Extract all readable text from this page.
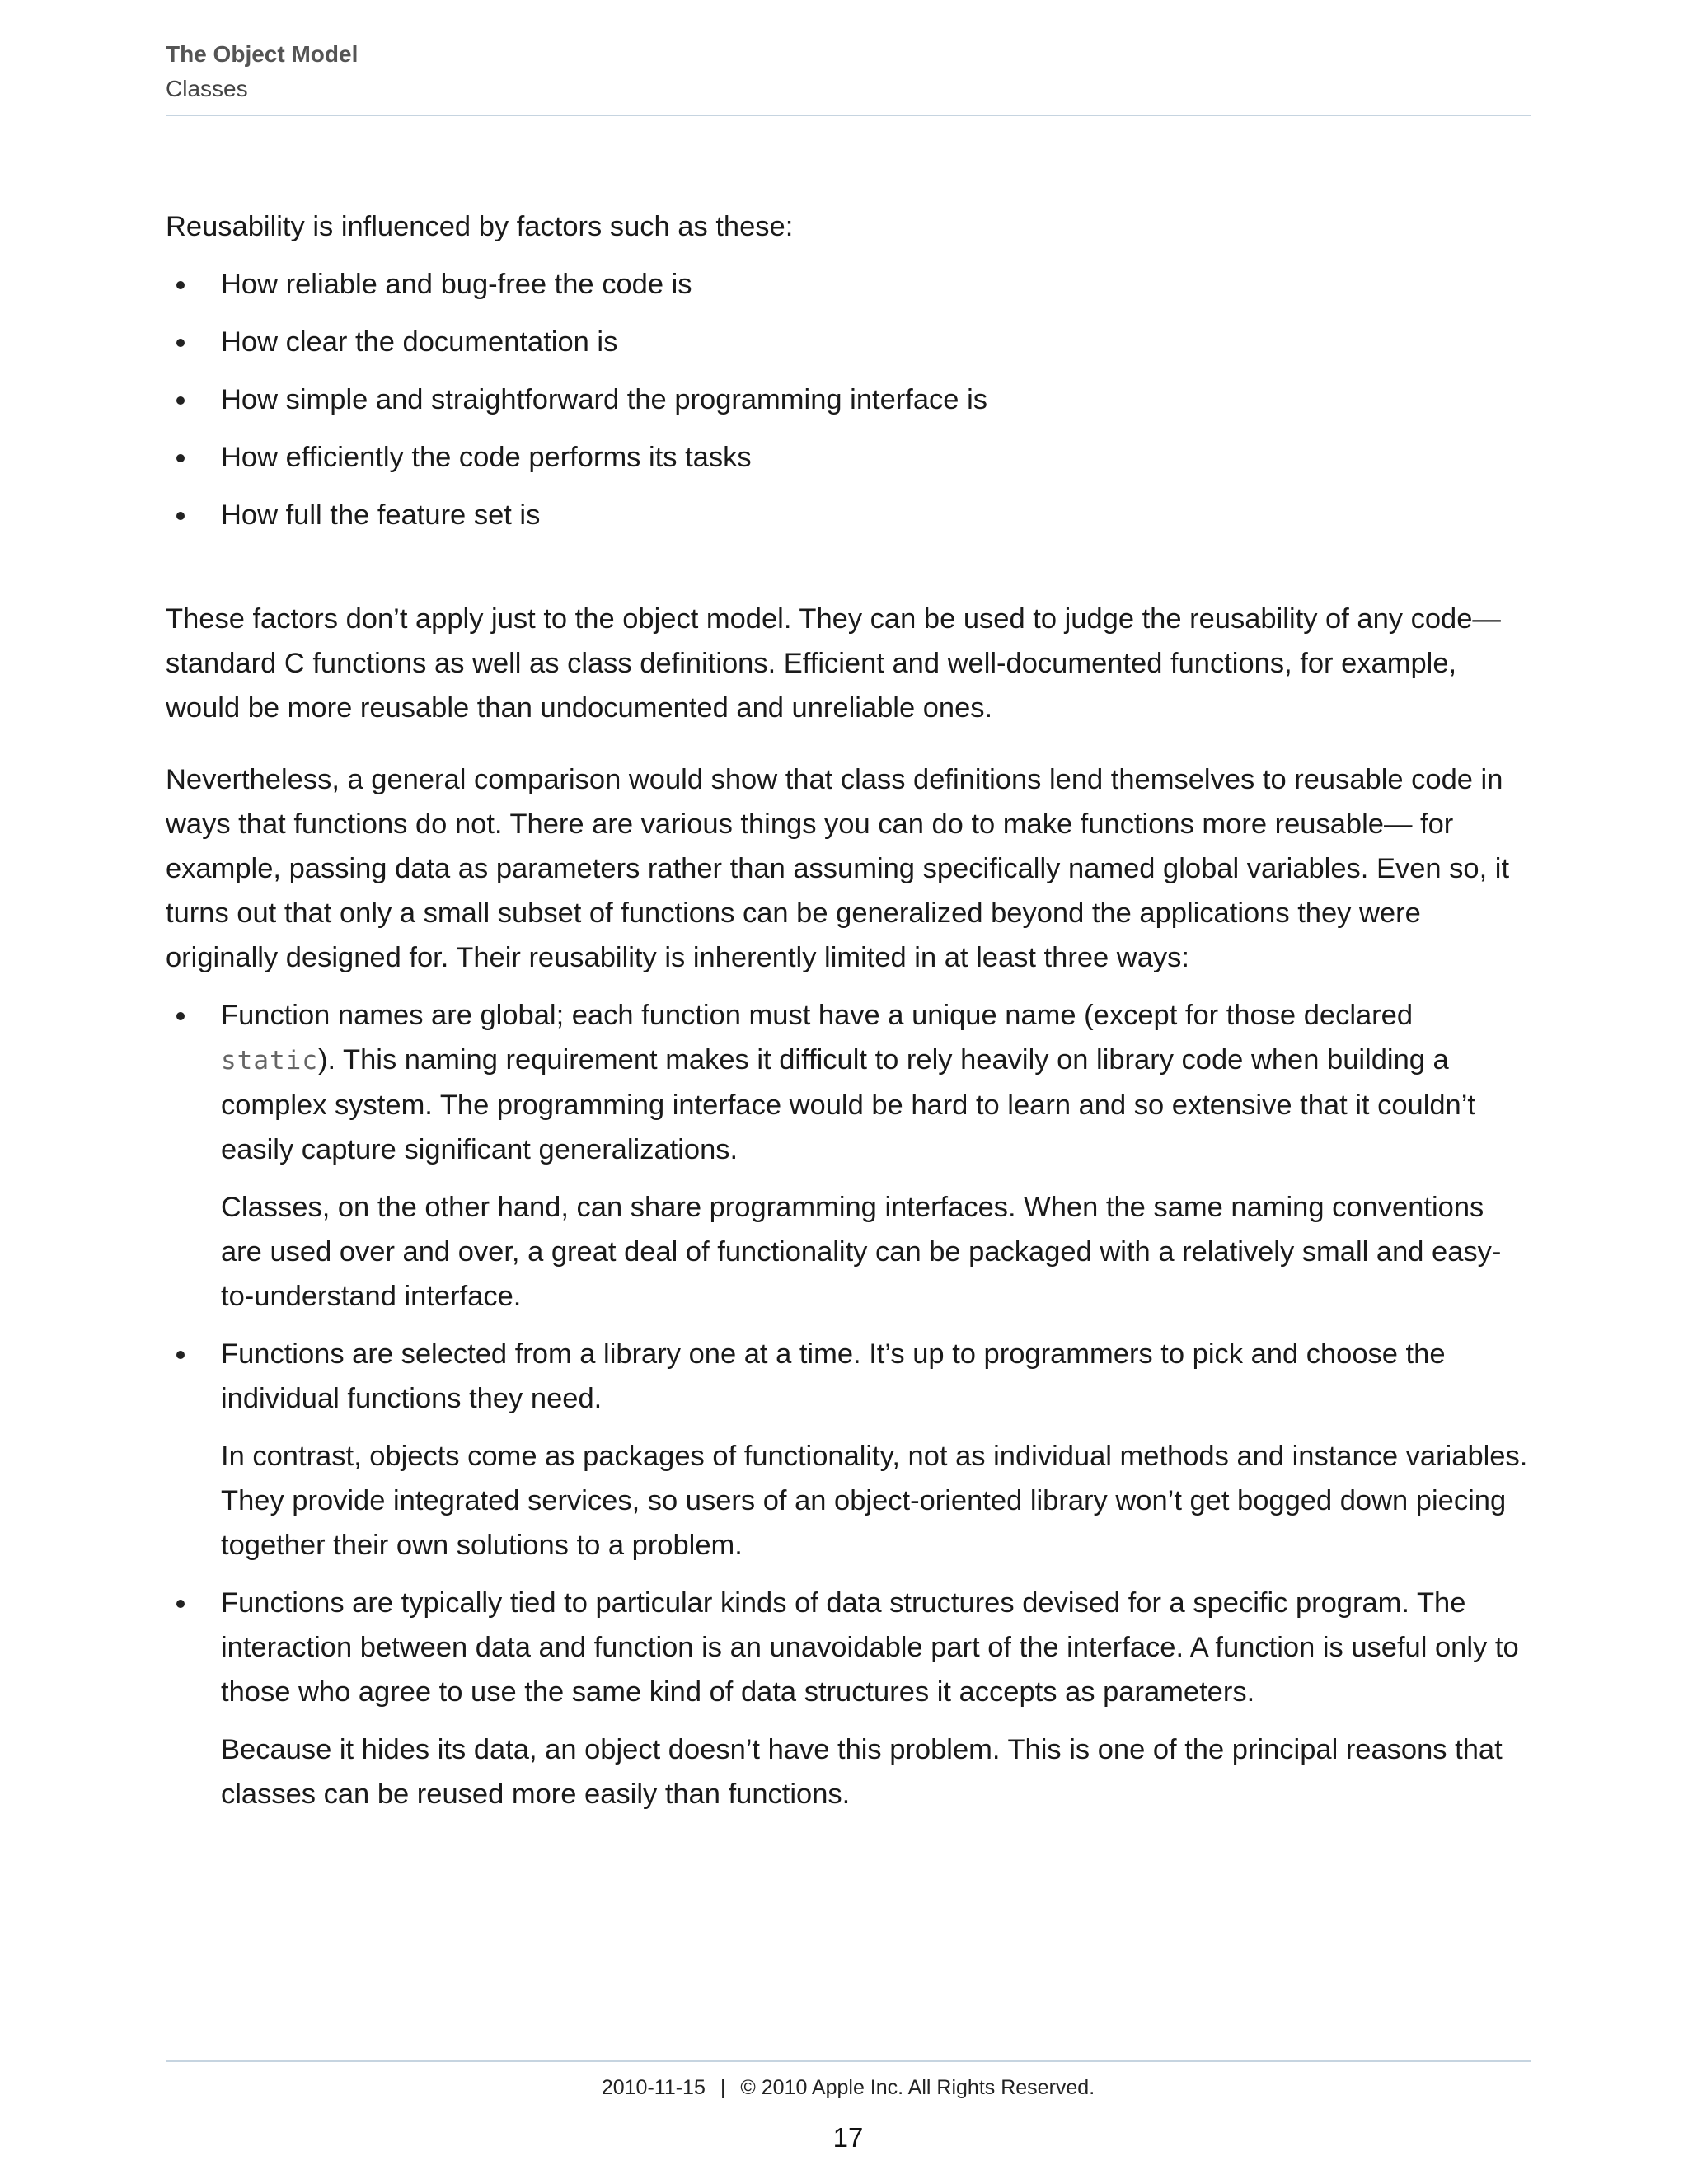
The Object Model
Classes

Reusability is influenced by factors such as these:

How reliable and bug-free the code is
How clear the documentation is
How simple and straightforward the programming interface is
How efficiently the code performs its tasks
How full the feature set is

These factors don’t apply just to the object model. They can be used to judge the reusability of any code—standard C functions as well as class definitions. Efficient and well-documented functions, for example, would be more reusable than undocumented and unreliable ones.

Nevertheless, a general comparison would show that class definitions lend themselves to reusable code in ways that functions do not. There are various things you can do to make functions more reusable— for example, passing data as parameters rather than assuming specifically named global variables. Even so, it turns out that only a small subset of functions can be generalized beyond the applications they were originally designed for. Their reusability is inherently limited in at least three ways:

Function names are global; each function must have a unique name (except for those declared static). This naming requirement makes it difficult to rely heavily on library code when building a complex system. The programming interface would be hard to learn and so extensive that it couldn’t easily capture significant generalizations.

Classes, on the other hand, can share programming interfaces. When the same naming conventions are used over and over, a great deal of functionality can be packaged with a relatively small and easy-to-understand interface.

Functions are selected from a library one at a time. It’s up to programmers to pick and choose the individual functions they need.

In contrast, objects come as packages of functionality, not as individual methods and instance variables. They provide integrated services, so users of an object-oriented library won’t get bogged down piecing together their own solutions to a problem.

Functions are typically tied to particular kinds of data structures devised for a specific program. The interaction between data and function is an unavoidable part of the interface. A function is useful only to those who agree to use the same kind of data structures it accepts as parameters.

Because it hides its data, an object doesn’t have this problem. This is one of the principal reasons that classes can be reused more easily than functions.

2010-11-15 | © 2010 Apple Inc. All Rights Reserved.
17
